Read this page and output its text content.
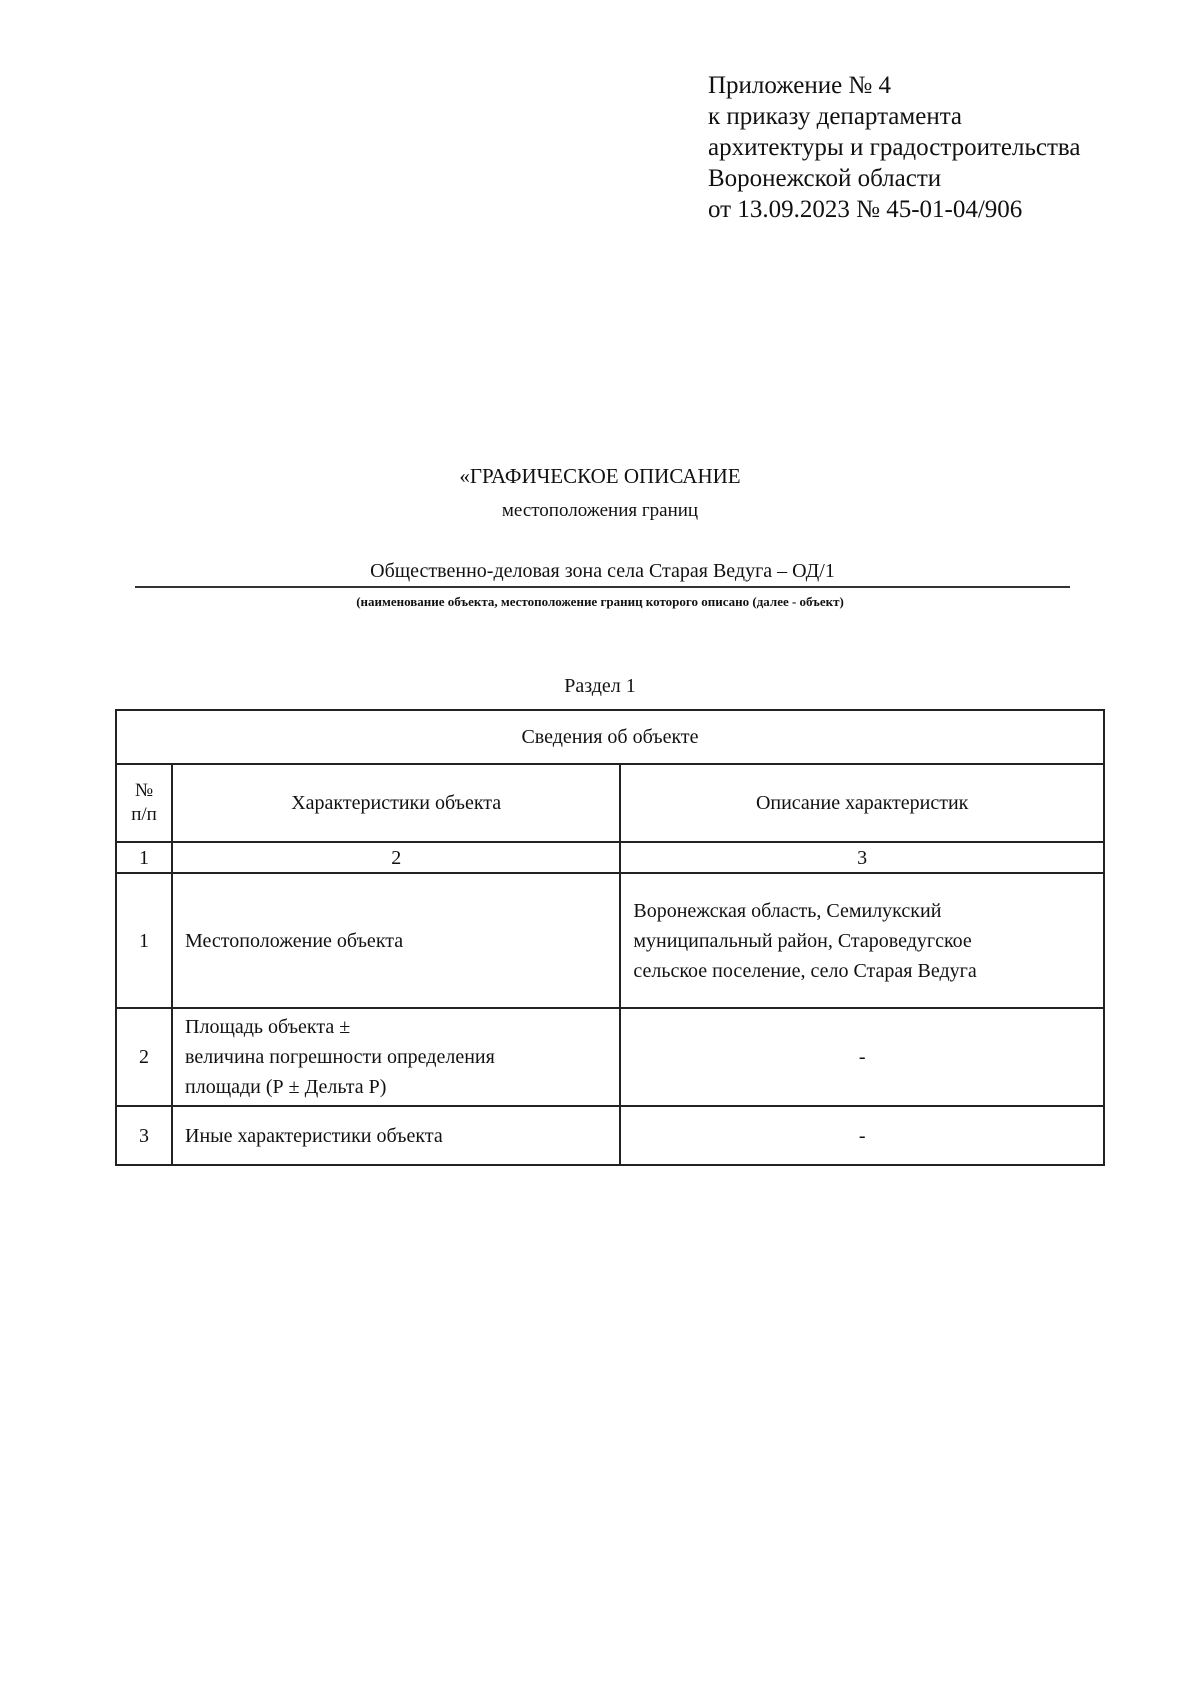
Приложение № 4
к приказу департамента
архитектуры и градостроительства
Воронежской области
от 13.09.2023 № 45-01-04/906
«ГРАФИЧЕСКОЕ ОПИСАНИЕ
местоположения границ
Общественно-деловая зона села Старая Ведуга – ОД/1
(наименование объекта, местоположение границ которого описано (далее - объект)
Раздел 1
Сведения об объекте		

№
п/п	Характеристики объекта	Описание характеристик
1	2	3
1	Местоположение объекта	Воронежская область, Семилукский
муниципальный район, Староведугское
сельское поселение, село Старая Ведуга

2	Площадь объекта ±
величина погрешности определения
площади (Р ± Дельта Р)	-
3	Иные характеристики объекта	-
